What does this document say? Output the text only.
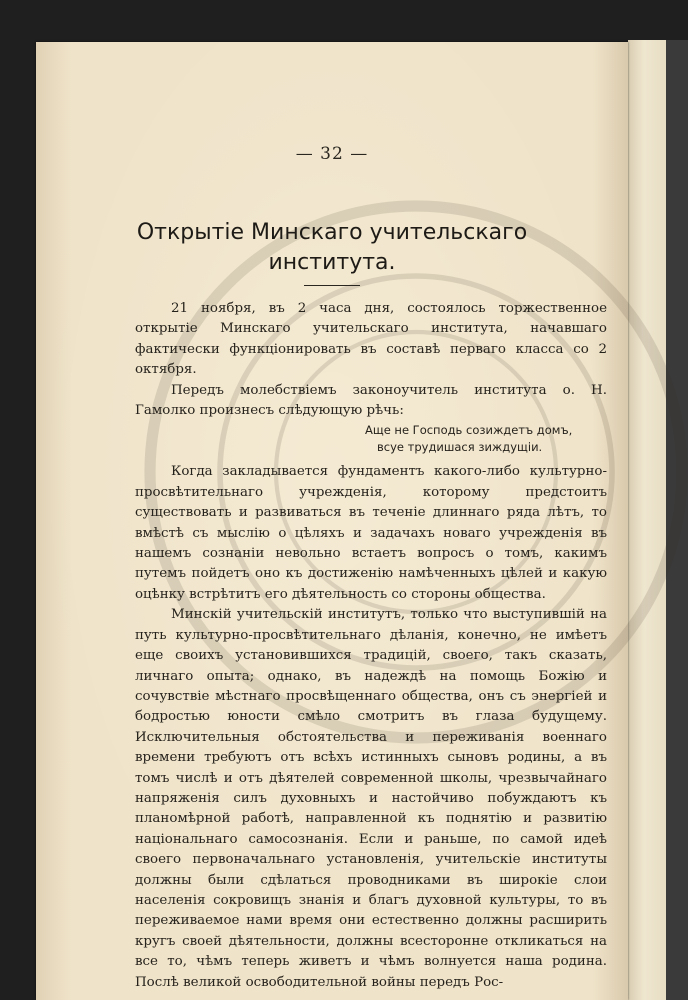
— 32 —
Открытіе Минскаго учительскаго
института.

21 ноября, въ 2 часа дня, состоялось торжественное открытіе Минскаго учительскаго института, начавшаго фактически функціонировать въ составѣ перваго класса со 2 октября.

Передъ молебствіемъ законоучитель института о. Н. Гамолко произнесъ слѣдующую рѣчь:

Аще не Господь созиждетъ домъ,
всуе трудишася зиждущіи.

Когда закладывается фундаментъ какого-либо культурно-просвѣтительнаго учрежденія, которому предстоитъ существовать и развиваться въ теченіе длиннаго ряда лѣтъ, то вмѣстѣ съ мыслію о цѣляхъ и задачахъ новаго учрежденія въ нашемъ сознаніи невольно встаетъ вопросъ о томъ, какимъ путемъ пойдетъ оно къ достиженію намѣченныхъ цѣлей и какую оцѣнку встрѣтитъ его дѣятельность со стороны общества.

Минскій учительскій институтъ, только что выступившій на путь культурно-просвѣтительнаго дѣланія, конечно, не имѣетъ еще своихъ установившихся традицій, своего, такъ сказать, личнаго опыта; однако, въ надеждѣ на помощь Божію и сочувствіе мѣстнаго просвѣщеннаго общества, онъ съ энергіей и бодростью юности смѣло смотритъ въ глаза будущему. Исключительныя обстоятельства и переживанія военнаго времени требуютъ отъ всѣхъ истинныхъ сыновъ родины, а въ томъ числѣ и отъ дѣятелей современной школы, чрезвычайнаго напряженія силъ духовныхъ и настойчиво побуждаютъ къ планомѣрной работѣ, направленной къ поднятію и развитію національнаго самосознанія. Если и раньше, по самой идеѣ своего первоначальнаго установленія, учительскіе институты должны были сдѣлаться проводниками въ широкіе слои населенія сокровищъ знанія и благъ духовной культуры, то въ переживаемое нами время они естественно должны расширить кругъ своей дѣятельности, должны всесторонне откликаться на все то, чѣмъ теперь живетъ и чѣмъ волнуется наша родина. Послѣ великой освободительной войны передъ Рос-
